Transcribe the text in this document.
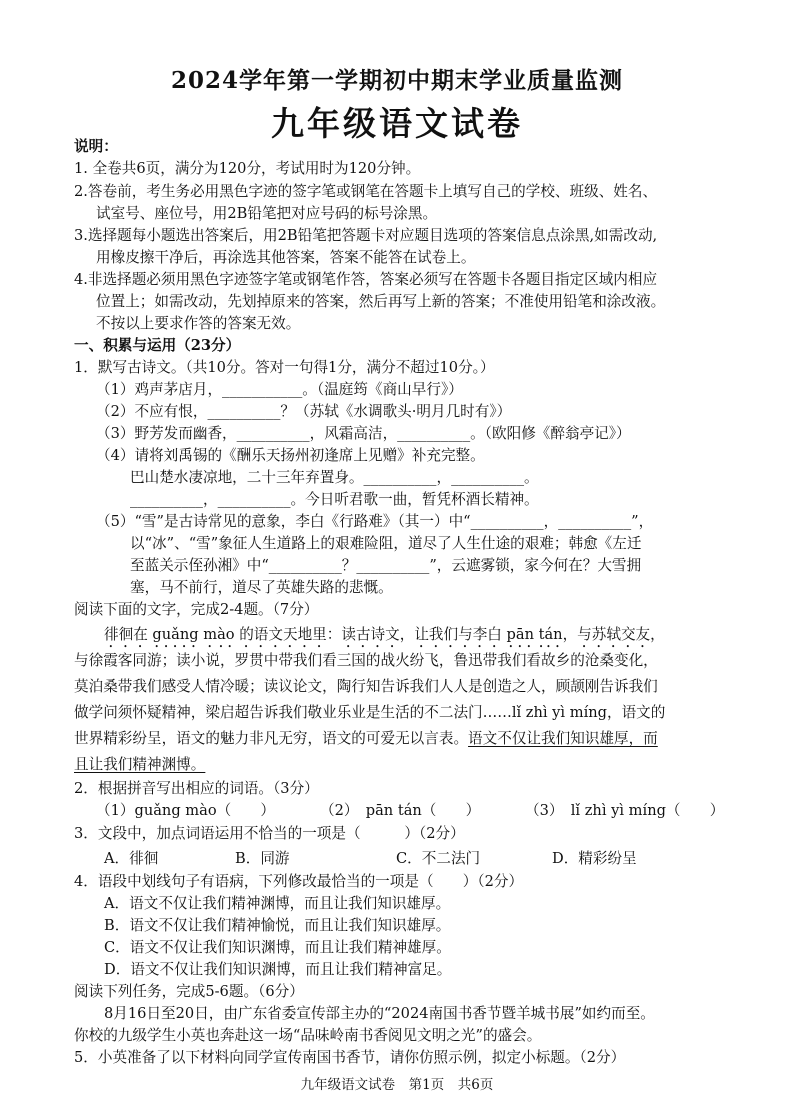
2024学年第一学期初中期末学业质量监测
九年级语文试卷
说明：
1. 全卷共6页，满分为120分，考试用时为120分钟。
2.答卷前，考生务必用黑色字迹的签字笔或钢笔在答题卡上填写自己的学校、班级、姓名、
试室号、座位号，用2B铅笔把对应号码的标号涂黑。
3.选择题每小题选出答案后，用2B铅笔把答题卡对应题目选项的答案信息点涂黑,如需改动,
用橡皮擦干净后，再涂选其他答案，答案不能答在试卷上。
4.非选择题必须用黑色字迹签字笔或钢笔作答，答案必须写在答题卡各题目指定区域内相应
位置上；如需改动，先划掉原来的答案，然后再写上新的答案；不准使用铅笔和涂改液。
不按以上要求作答的答案无效。
一、积累与运用（23分）
1．默写古诗文。（共10分。答对一句得1分，满分不超过10分。）
（1）鸡声茅店月，___________。（温庭筠《商山早行》）
（2）不应有恨，__________？（苏轼《水调歌头·明月几时有》）
（3）野芳发而幽香，__________，风霜高洁，__________。（欧阳修《醉翁亭记》）
（4）请将刘禹锡的《酬乐天扬州初逢席上见赠》补充完整。
巴山楚水凄凉地，二十三年弃置身。__________，__________。
__________，__________。今日听君歌一曲，暂凭杯酒长精神。
（5）“雪”是古诗常见的意象，李白《行路难》（其一）中“__________，__________”，
以“冰”、“雪”象征人生道路上的艰难险阻，道尽了人生仕途的艰难；韩愈《左迁
至蓝关示侄孙湘》中“__________？__________”，云遮雾锁，家今何在？大雪拥
塞，马不前行，道尽了英雄失路的悲慨。
阅读下面的文字，完成2-4题。（7分）
徘徊在 guǎng mào 的语文天地里：读古诗文，让我们与李白 pān tán，与苏轼交友，
与徐霞客同游；读小说，罗贯中带我们看三国的战火纷飞，鲁迅带我们看故乡的沧桑变化，
莫泊桑带我们感受人情冷暖；读议论文，陶行知告诉我们人人是创造之人，顾颉刚告诉我们
做学问须怀疑精神，梁启超告诉我们敬业乐业是生活的不二法门……lǐ zhì yì míng，语文的
世界精彩纷呈，语文的魅力非凡无穷，语文的可爱无以言表。语文不仅让我们知识雄厚，而
且让我们精神渊博。
2．根据拼音写出相应的词语。（3分）
（1）guǎng mào（　　）	（2）　pān tán（　　）	（3）　lǐ zhì yì míng（　　）
3．文段中，加点词语运用不恰当的一项是（　　　）（2分）
A．徘徊	B．同游	C．不二法门	D．精彩纷呈
4．语段中划线句子有语病，下列修改最恰当的一项是（　　）（2分）
A．语文不仅让我们精神渊博，而且让我们知识雄厚。
B．语文不仅让我们精神愉悦，而且让我们知识雄厚。
C．语文不仅让我们知识渊博，而且让我们精神雄厚。
D．语文不仅让我们知识渊博，而且让我们精神富足。
阅读下列任务，完成5-6题。（6分）
8月16日至20日，由广东省委宣传部主办的“2024南国书香节暨羊城书展”如约而至。
你校的九级学生小英也奔赴这一场“品味岭南书香阅见文明之光”的盛会。
5．小英准备了以下材料向同学宣传南国书香节，请你仿照示例，拟定小标题。（2分）
九年级语文试卷　第1页　共6页
